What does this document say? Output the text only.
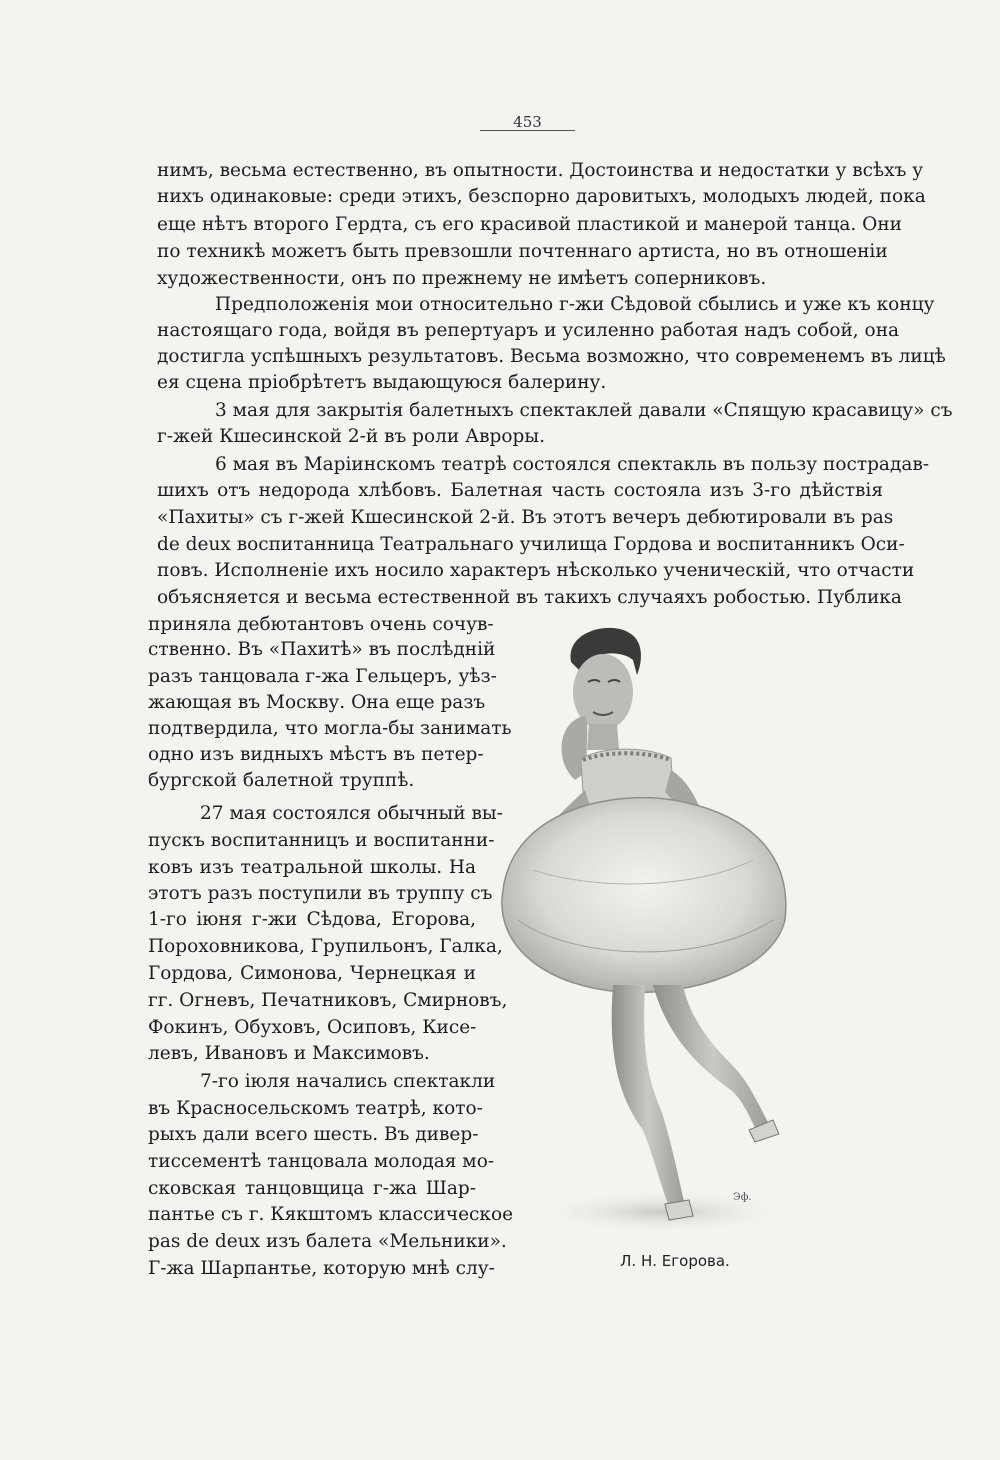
453
нимъ, весьма естественно, въ опытности. Достоинства и недостатки у всѣхъ у
нихъ одинаковые: среди этихъ, безспорно даровитыхъ, молодыхъ людей, пока
еще нѣтъ второго Гердта, съ его красивой пластикой и манерой танца. Они
по техникѣ можетъ быть превзошли почтеннаго артиста, но въ отношеніи
художественности, онъ по прежнему не имѣетъ соперниковъ.
Предположенія мои относительно г-жи Сѣдовой сбылись и уже къ концу
настоящаго года, войдя въ репертуаръ и усиленно работая надъ собой, она
достигла успѣшныхъ результатовъ. Весьма возможно, что современемъ въ лицѣ
ея сцена пріобрѣтетъ выдающуюся балерину.
3 мая для закрытія балетныхъ спектаклей давали «Спящую красавицу» съ
г-жей Кшесинской 2-й въ роли Авроры.
6 мая въ Маріинскомъ театрѣ состоялся спектакль въ пользу пострадав-
шихъ отъ недорода хлѣбовъ. Балетная часть состояла изъ 3-го дѣйствія
«Пахиты» съ г-жей Кшесинской 2-й. Въ этотъ вечеръ дебютировали въ pas
de deux воспитанница Театральнаго училища Гордова и воспитанникъ Оси-
повъ. Исполненіе ихъ носило характеръ нѣсколько ученическій, что отчасти
объясняется и весьма естественной въ такихъ случаяхъ робостью. Публика
приняла дебютантовъ очень сочув-
ственно. Въ «Пахитѣ» въ послѣдній
разъ танцовала г-жа Гельцеръ, уѣз-
жающая въ Москву. Она еще разъ
подтвердила, что могла-бы занимать
одно изъ видныхъ мѣстъ въ петер-
бургской балетной труппѣ.
27 мая состоялся обычный вы-
пускъ воспитанницъ и воспитанни-
ковъ изъ театральной школы. На
этотъ разъ поступили въ труппу съ
1-го іюня г-жи Сѣдова, Егорова,
Пороховникова, Групильонъ, Галка,
Гордова, Симонова, Чернецкая и
гг. Огневъ, Печатниковъ, Смирновъ,
Фокинъ, Обуховъ, Осиповъ, Кисе-
левъ, Ивановъ и Максимовъ.
7-го іюля начались спектакли
въ Красносельскомъ театрѣ, кото-
рыхъ дали всего шесть. Въ дивер-
тиссементѣ танцовала молодая мо-
сковская танцовщица г-жа Шар-
пантье съ г. Кякштомъ классическое
pas de deux изъ балета «Мельники».
Г-жа Шарпантье, которую мнѣ слу-
Эф.
Л. Н. Егорова.
